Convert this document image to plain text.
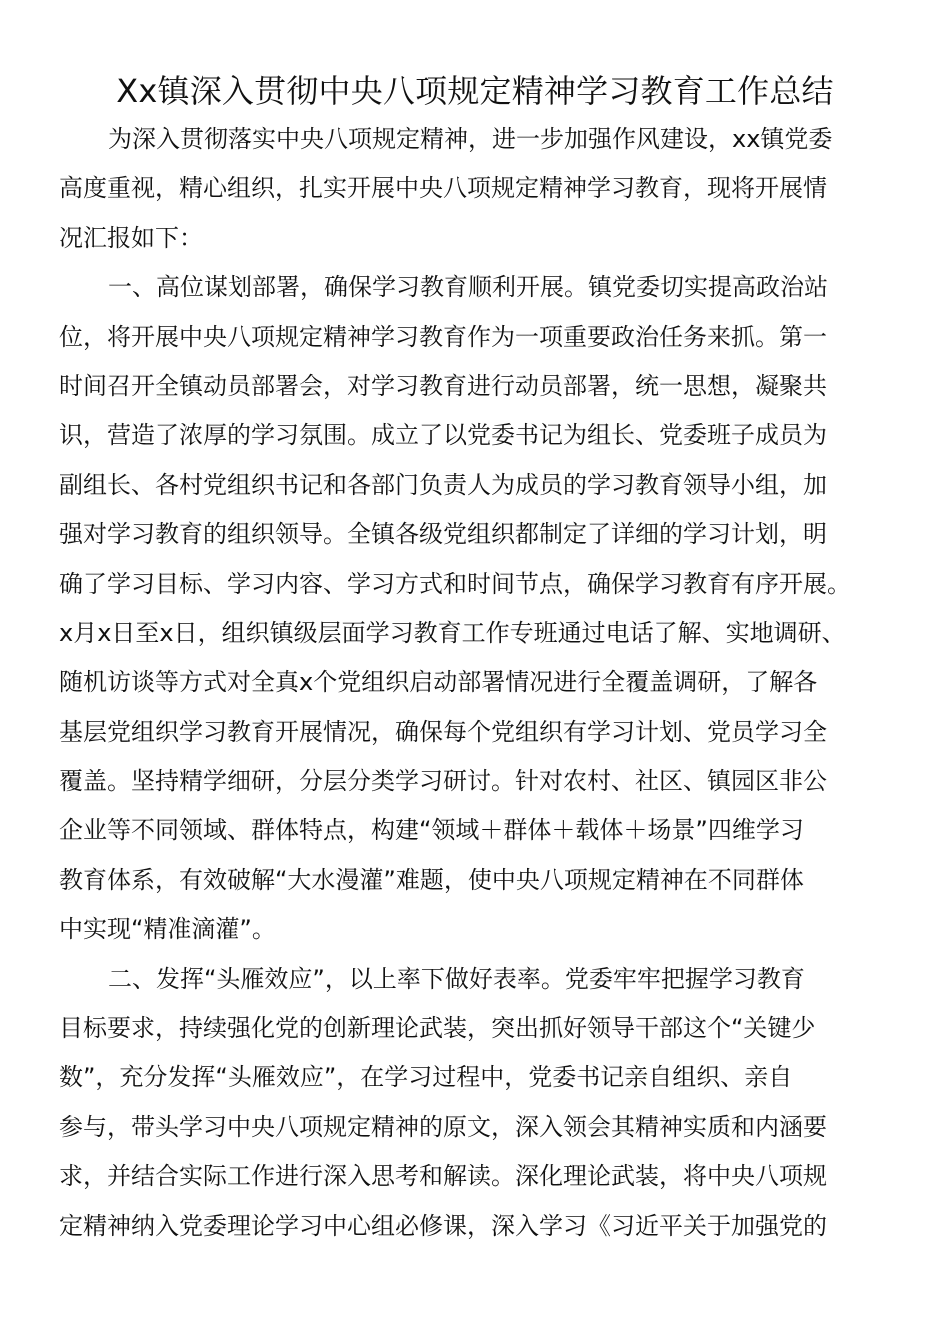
Xx镇深入贯彻中央八项规定精神学习教育工作总结
为深入贯彻落实中央八项规定精神，进一步加强作风建设，xx镇党委
高度重视，精心组织，扎实开展中央八项规定精神学习教育，现将开展情
况汇报如下：
一、高位谋划部署，确保学习教育顺利开展。镇党委切实提高政治站
位，将开展中央八项规定精神学习教育作为一项重要政治任务来抓。第一
时间召开全镇动员部署会，对学习教育进行动员部署，统一思想，凝聚共
识，营造了浓厚的学习氛围。成立了以党委书记为组长、党委班子成员为
副组长、各村党组织书记和各部门负责人为成员的学习教育领导小组，加
强对学习教育的组织领导。全镇各级党组织都制定了详细的学习计划，明
确了学习目标、学习内容、学习方式和时间节点，确保学习教育有序开展。
x月x日至x日，组织镇级层面学习教育工作专班通过电话了解、实地调研、
随机访谈等方式对全真x个党组织启动部署情况进行全覆盖调研，了解各
基层党组织学习教育开展情况，确保每个党组织有学习计划、党员学习全
覆盖。坚持精学细研，分层分类学习研讨。针对农村、社区、镇园区非公
企业等不同领域、群体特点，构建“领域＋群体＋载体＋场景”四维学习
教育体系，有效破解“大水漫灌”难题，使中央八项规定精神在不同群体
中实现“精准滴灌”。
二、发挥“头雁效应”，以上率下做好表率。党委牢牢把握学习教育
目标要求，持续强化党的创新理论武装，突出抓好领导干部这个“关键少
数”，充分发挥“头雁效应”，在学习过程中，党委书记亲自组织、亲自
参与，带头学习中央八项规定精神的原文，深入领会其精神实质和内涵要
求，并结合实际工作进行深入思考和解读。深化理论武装，将中央八项规
定精神纳入党委理论学习中心组必修课，深入学习《习近平关于加强党的
